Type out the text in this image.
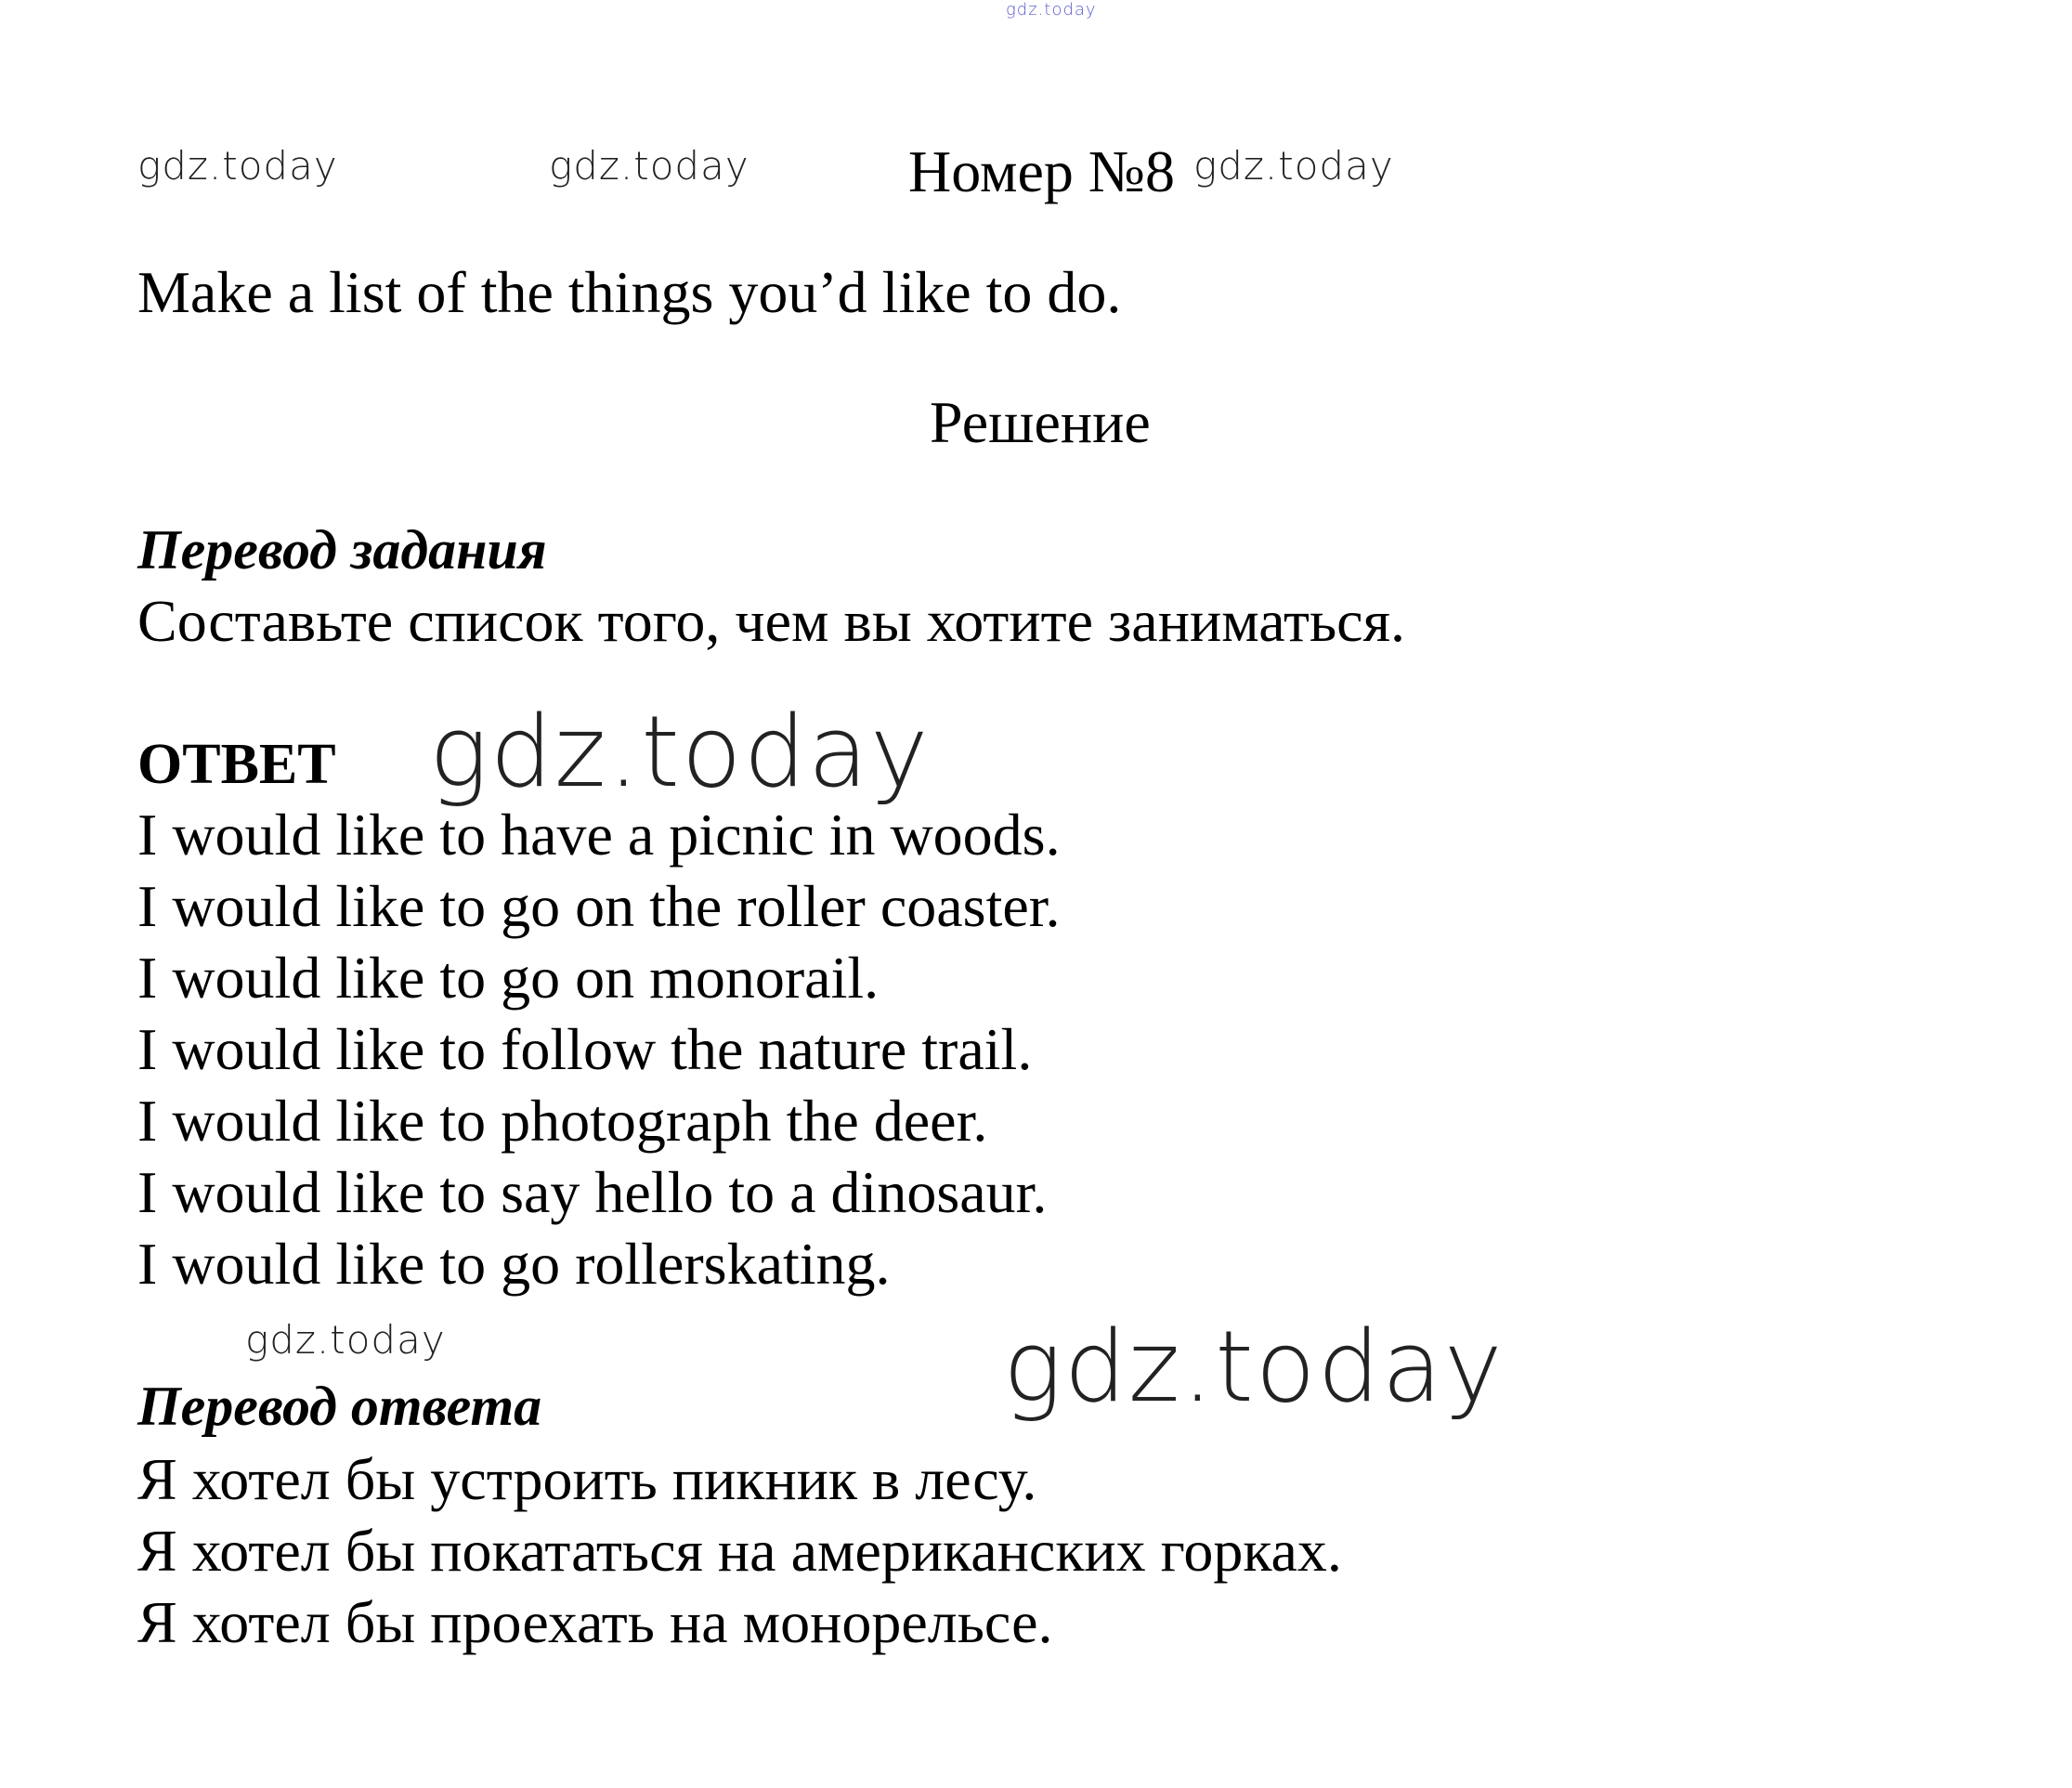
gdz.today
gdz.today	gdz.today	gdz.today
gdz.today
gdz.today	gdz.today
Номер №8

Make a list of the things you’d like to do.

Решение

Перевод задания

Составьте список того, чем вы хотите заниматься.

ОТВЕТ

I would like to have a picnic in woods.

I would like to go on the roller coaster.

I would like to go on monorail.

I would like to follow the nature trail.

I would like to photograph the deer.

I would like to say hello to a dinosaur.

I would like to go rollerskating.

Перевод ответа

Я хотел бы устроить пикник в лесу.

Я хотел бы покататься на американских горках.

Я хотел бы проехать на монорельсе.
